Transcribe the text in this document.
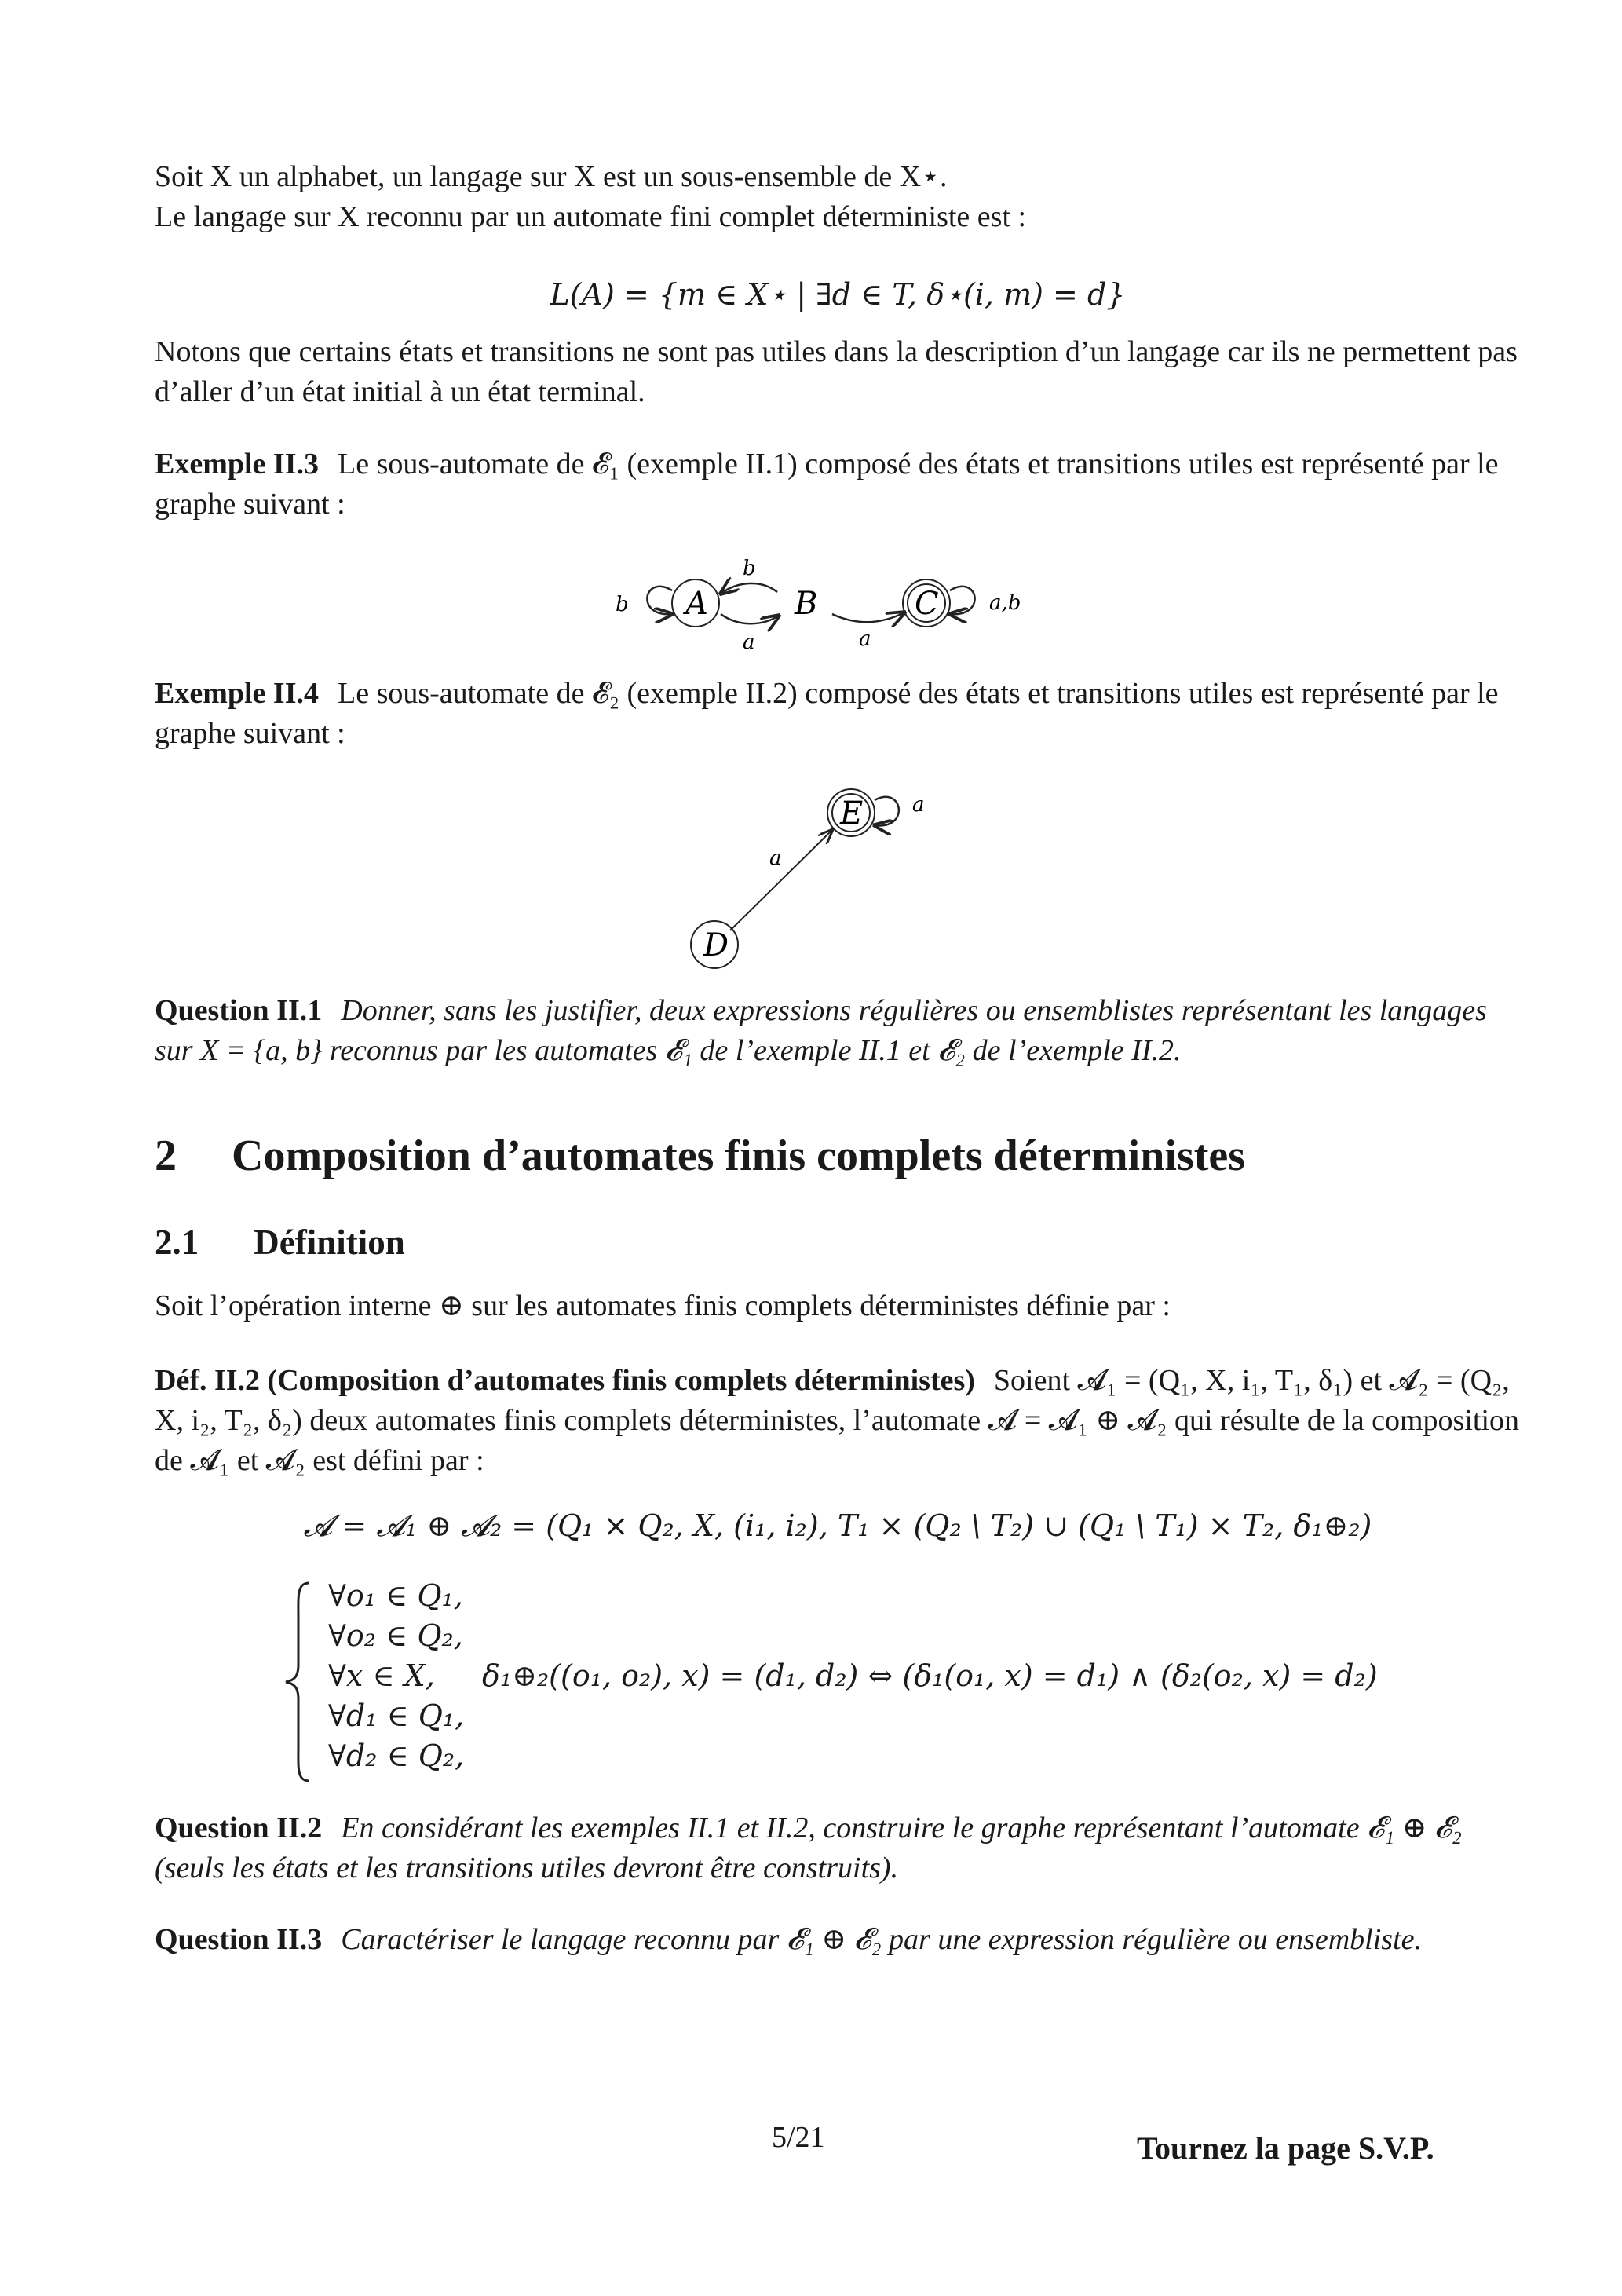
Soit X un alphabet, un langage sur X est un sous-ensemble de X⋆.
Le langage sur X reconnu par un automate fini complet déterministe est :
L(A) = {m ∈ X⋆ | ∃d ∈ T, δ⋆(i, m) = d}
Notons que certains états et transitions ne sont pas utiles dans la description d’un langage car ils ne permettent pas d’aller d’un état initial à un état terminal.
Exemple II.3 Le sous-automate de 𝓔₁ (exemple II.1) composé des états et transitions utiles est représenté par le graphe suivant :
b A
b
a
B
a
C a,b
Exemple II.4 Le sous-automate de 𝓔₂ (exemple II.2) composé des états et transitions utiles est représenté par le graphe suivant :
E a
a
D
Question II.1 Donner, sans les justifier, deux expressions régulières ou ensemblistes représentant les langages sur X = {a, b} reconnus par les automates 𝓔₁ de l’exemple II.1 et 𝓔₂ de l’exemple II.2.
2 Composition d’automates finis complets déterministes
2.1 Définition
Soit l’opération interne ⊕ sur les automates finis complets déterministes définie par :
Déf. II.2 (Composition d’automates finis complets déterministes) Soient 𝓐₁ = (Q₁, X, i₁, T₁, δ₁) et 𝓐₂ = (Q₂, X, i₂, T₂, δ₂) deux automates finis complets déterministes, l’automate 𝓐 = 𝓐₁ ⊕ 𝓐₂ qui résulte de la composition de 𝓐₁ et 𝓐₂ est défini par :
𝓐 = 𝓐₁ ⊕ 𝓐₂ = (Q₁ × Q₂, X, (i₁, i₂), T₁ × (Q₂ \ T₂) ∪ (Q₁ \ T₁) × T₂, δ₁⊕₂)
∀o₁ ∈ Q₁,
∀o₂ ∈ Q₂,
∀x ∈ X,
∀d₁ ∈ Q₁,
∀d₂ ∈ Q₂,
δ₁⊕₂((o₁, o₂), x) = (d₁, d₂) ⇔ (δ₁(o₁, x) = d₁) ∧ (δ₂(o₂, x) = d₂)
Question II.2 En considérant les exemples II.1 et II.2, construire le graphe représentant l’automate 𝓔₁ ⊕ 𝓔₂ (seuls les états et les transitions utiles devront être construits).
Question II.3 Caractériser le langage reconnu par 𝓔₁ ⊕ 𝓔₂ par une expression régulière ou ensembliste.
5/21	Tournez la page S.V.P.
